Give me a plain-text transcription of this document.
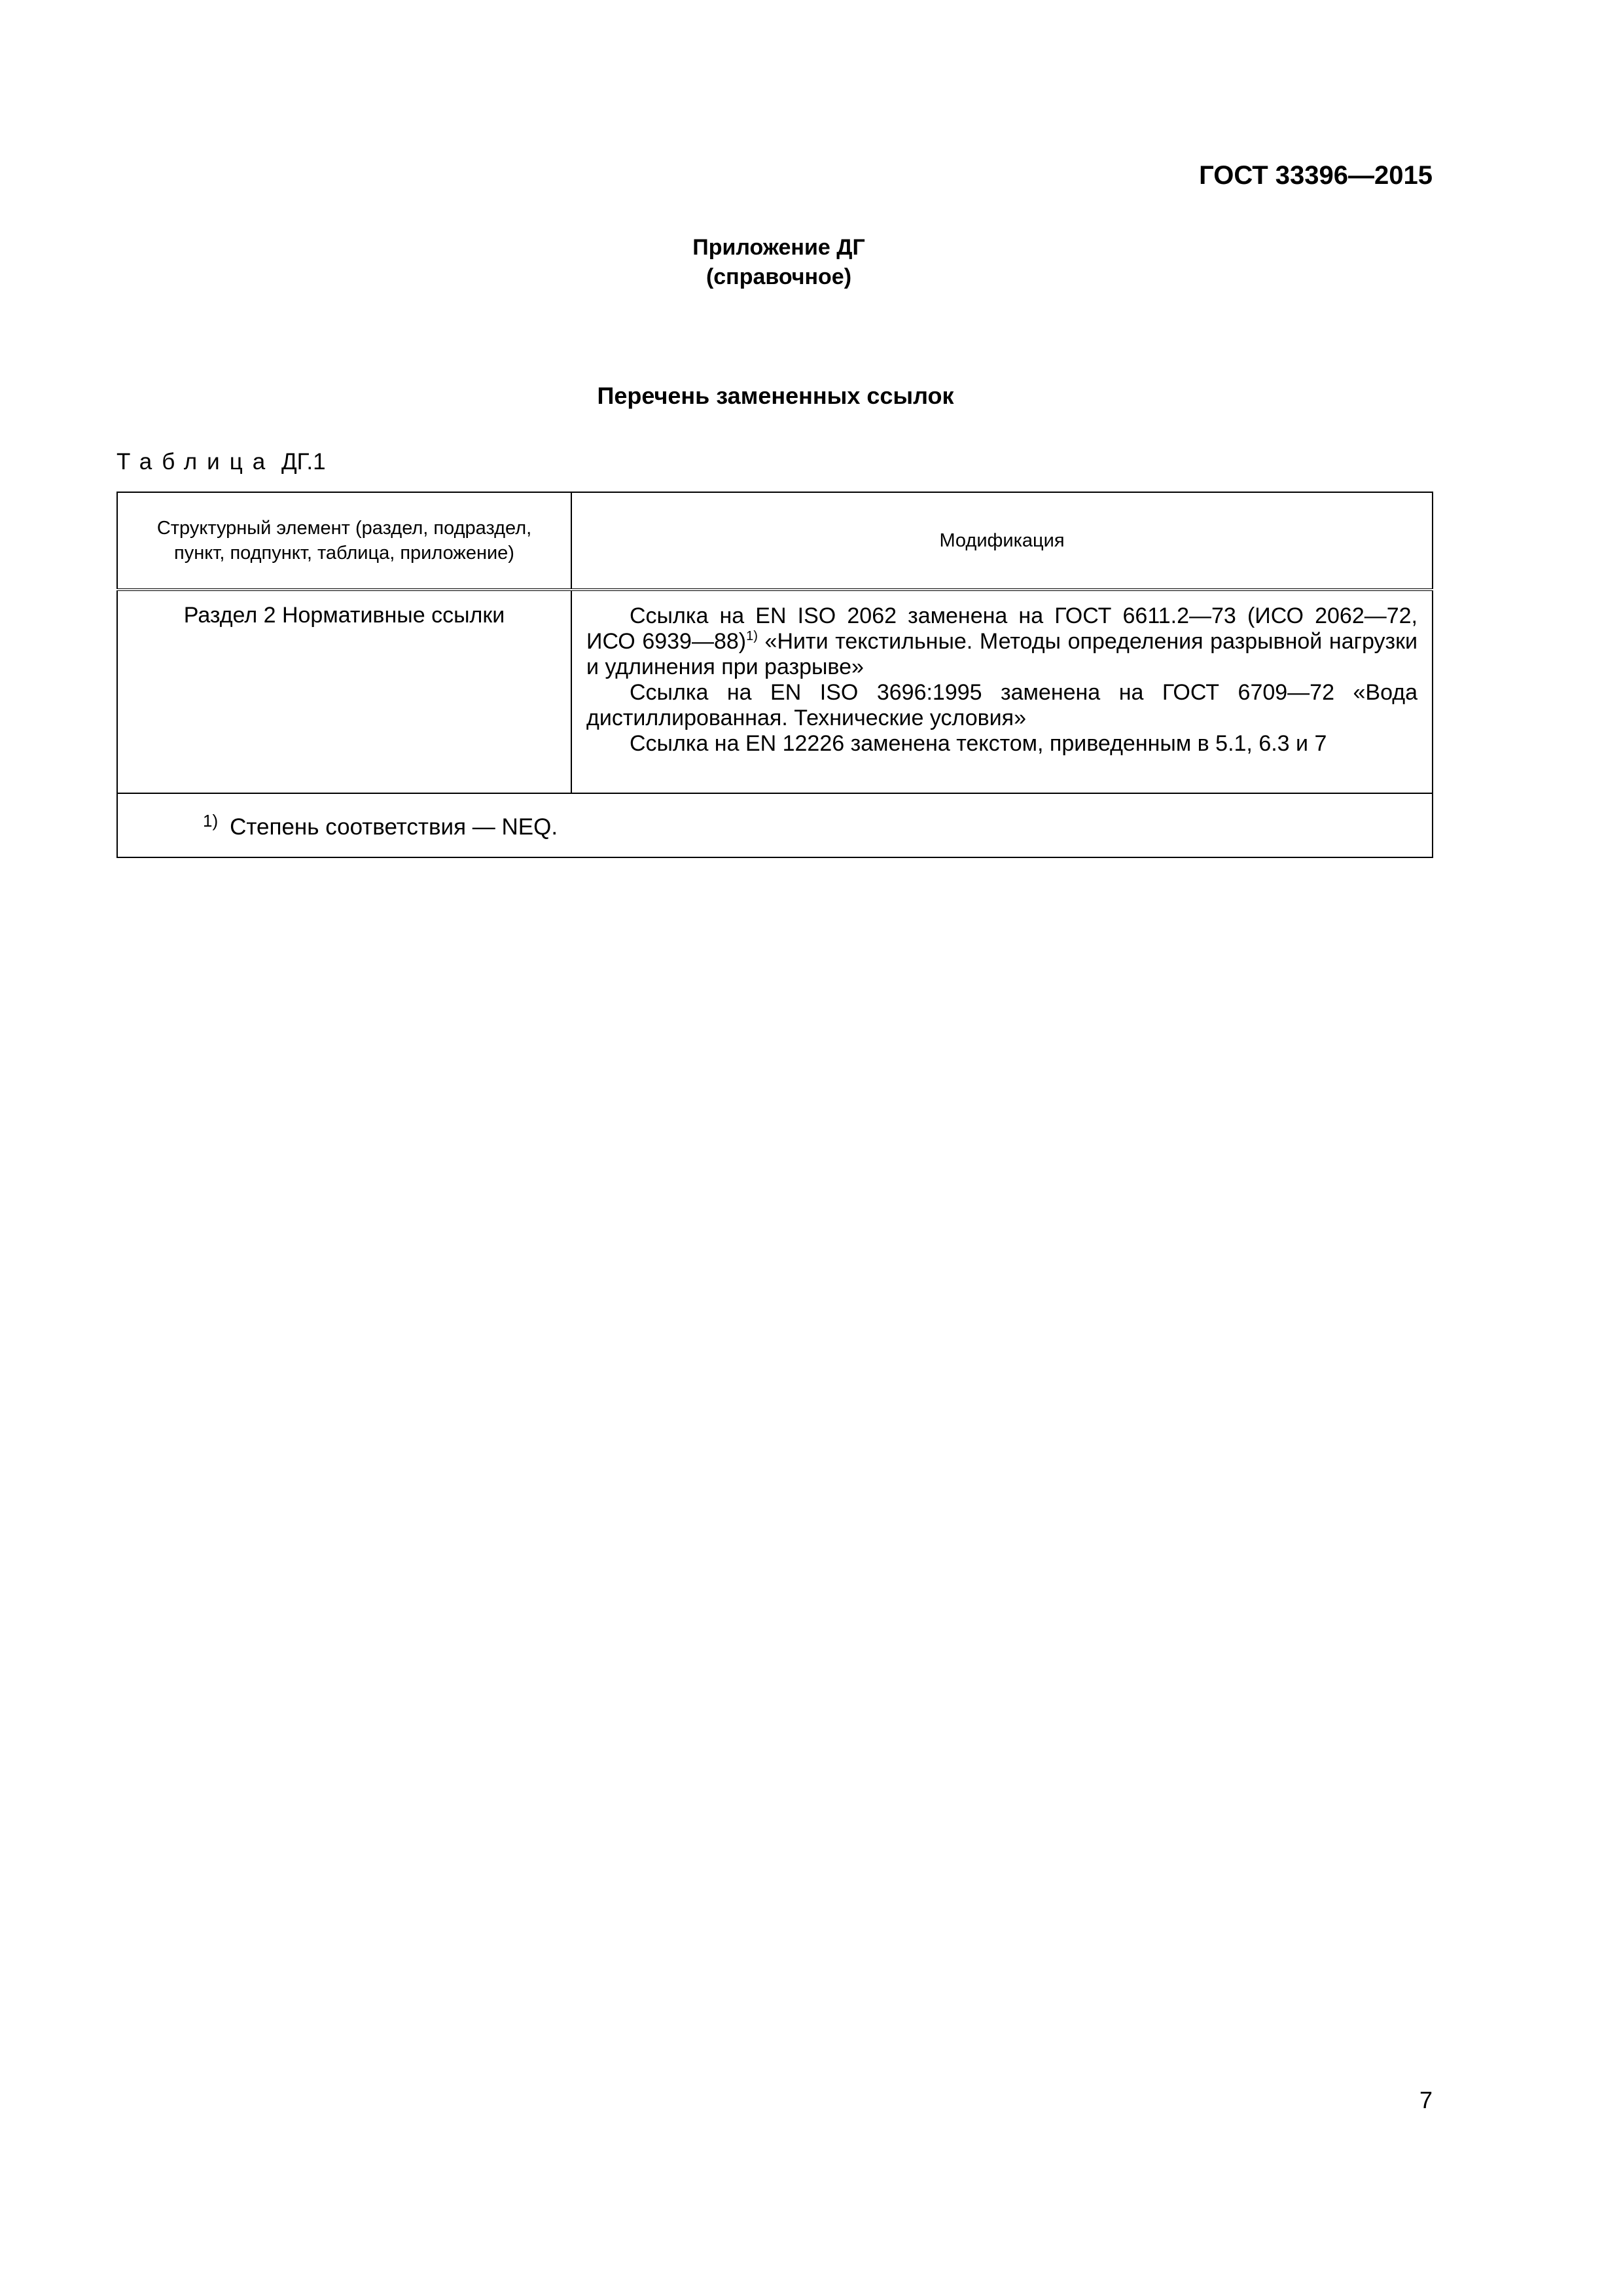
ГОСТ 33396—2015
Приложение ДГ
(справочное)
Перечень замененных ссылок
Таблица ДГ.1
Структурный элемент (раздел, подраздел,
пункт, подпункт, таблица, приложение)	Модификация
Раздел 2 Нормативные ссылки	Ссылка на EN ISO 2062 заменена на ГОСТ 6611.2—73 (ИСО 2062—72, ИСО 6939—88)$^{1)}$ «Нити текстильные. Методы определения разрывной нагрузки и удлинения при разрыве»

Ссылка на EN ISO 3696:1995 заменена на ГОСТ 6709—72 «Вода дистиллированная. Технические условия»

Ссылка на EN 12226 заменена текстом, приведенным в 5.1, 6.3 и 7

$^{1)}$ Степень соответствия — NEQ.	
7
